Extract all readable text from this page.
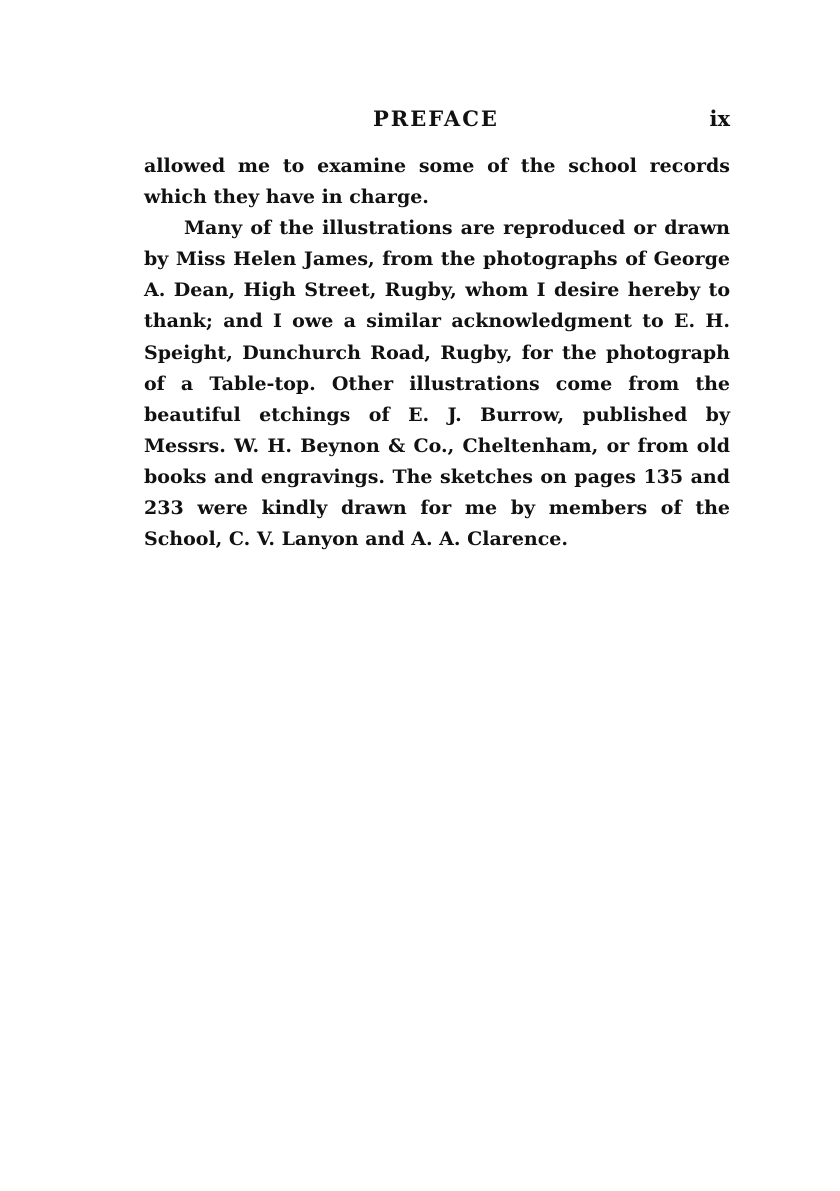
PREFACE	ix

allowed me to examine some of the school records which they have in charge.

Many of the illustrations are reproduced or drawn by Miss Helen James, from the photographs of George A. Dean, High Street, Rugby, whom I desire hereby to thank; and I owe a similar acknowledgment to E. H. Speight, Dunchurch Road, Rugby, for the photograph of a Table-top. Other illustrations come from the beautiful etchings of E. J. Burrow, published by Messrs. W. H. Beynon & Co., Cheltenham, or from old books and engravings. The sketches on pages 135 and 233 were kindly drawn for me by members of the School, C. V. Lanyon and A. A. Clarence.
